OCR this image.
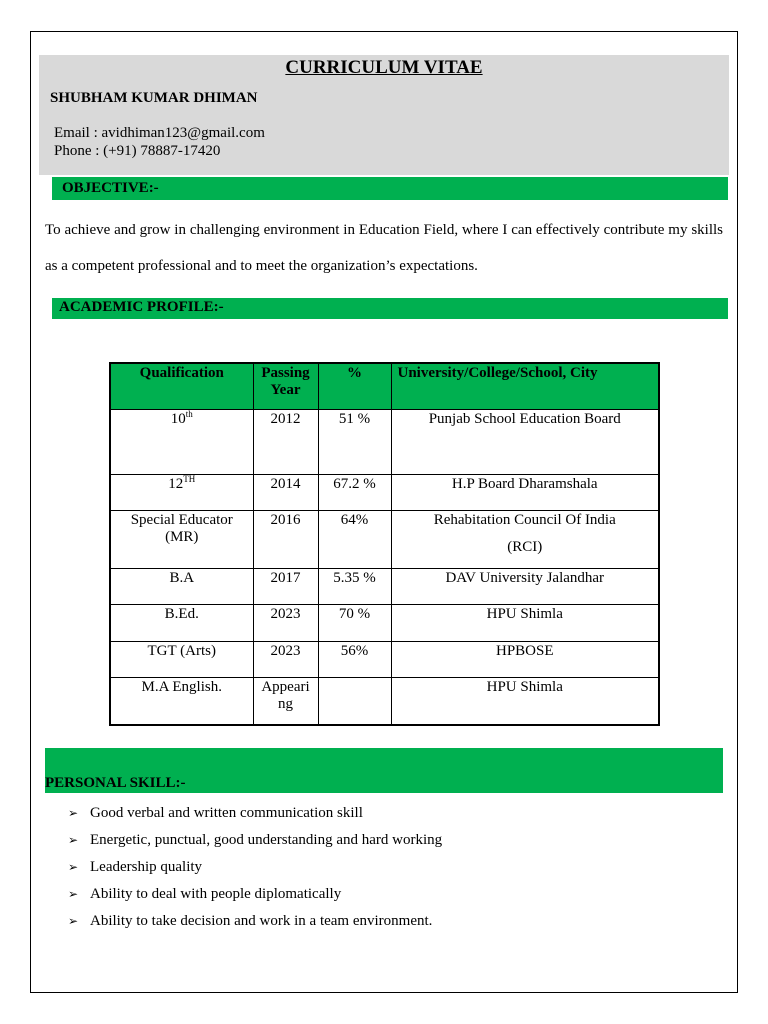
CURRICULUM VITAE
SHUBHAM KUMAR DHIMAN
Email : avidhiman123@gmail.com
Phone : (+91) 78887-17420
OBJECTIVE:-
To achieve and grow in challenging environment in Education Field, where I can effectively contribute my skills as a competent professional and to meet the organization’s expectations.
ACADEMIC PROFILE:-
Qualification	Passing Year	%	University/College/School, City
10th	2012	51 %	Punjab School Education Board
12TH	2014	67.2 %	H.P Board Dharamshala
Special Educator (MR)	2016	64%	Rehabitation Council Of India
(RCI)

B.A	2017	5.35 %	DAV University Jalandhar
B.Ed.	2023	70 %	HPU Shimla
TGT (Arts)	2023	56%	HPBOSE
M.A English.	Appeari ng		HPU Shimla
PERSONAL SKILL:-
➢ Good verbal and written communication skill
➢ Energetic, punctual, good understanding and hard working
➢ Leadership quality
➢ Ability to deal with people diplomatically
➢ Ability to take decision and work in a team environment.
